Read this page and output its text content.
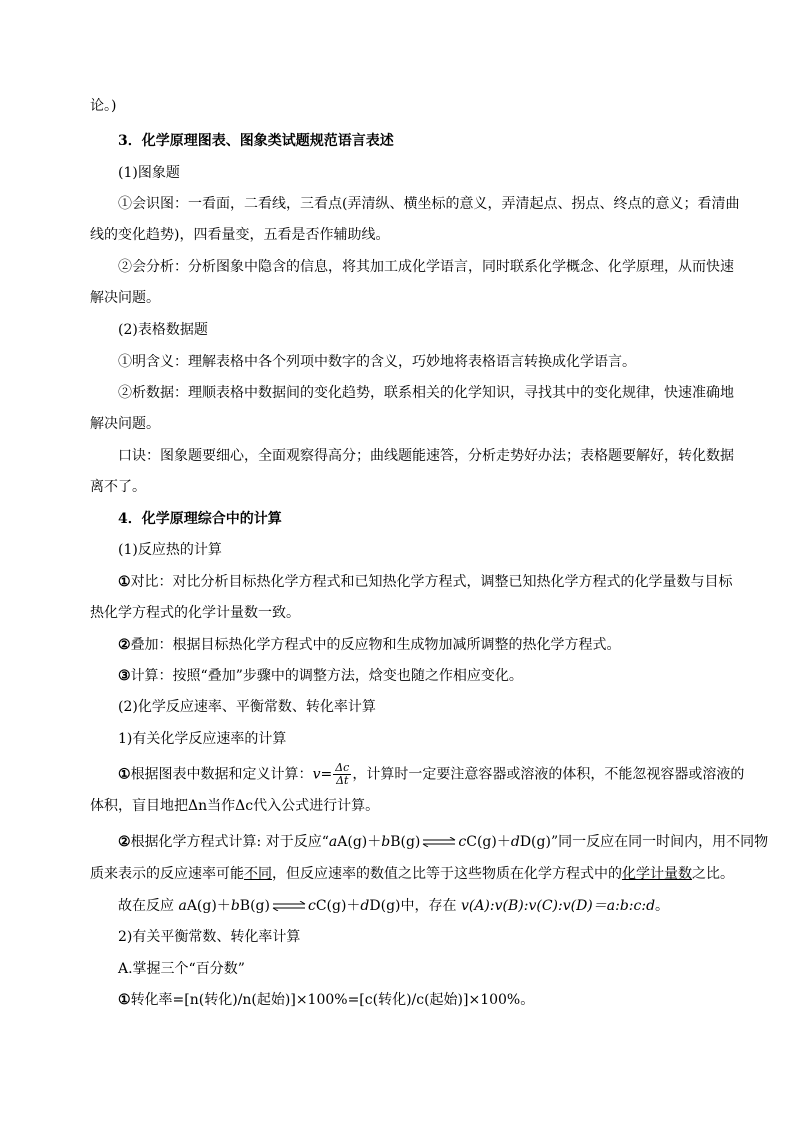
论。)
3．化学原理图表、图象类试题规范语言表述
(1)图象题
①会识图：一看面，二看线，三看点(弄清纵、横坐标的意义，弄清起点、拐点、终点的意义；看清曲
线的变化趋势)，四看量变，五看是否作辅助线。
②会分析：分析图象中隐含的信息，将其加工成化学语言，同时联系化学概念、化学原理，从而快速
解决问题。
(2)表格数据题
①明含义：理解表格中各个列项中数字的含义，巧妙地将表格语言转换成化学语言。
②析数据：理顺表格中数据间的变化趋势，联系相关的化学知识，寻找其中的变化规律，快速准确地
解决问题。
口诀：图象题要细心，全面观察得高分；曲线题能速答，分析走势好办法；表格题要解好，转化数据
离不了。
4．化学原理综合中的计算
(1)反应热的计算
①对比：对比分析目标热化学方程式和已知热化学方程式，调整已知热化学方程式的化学量数与目标
热化学方程式的化学计量数一致。
②叠加：根据目标热化学方程式中的反应物和生成物加减所调整的热化学方程式。
③计算：按照“叠加”步骤中的调整方法，焓变也随之作相应变化。
(2)化学反应速率、平衡常数、转化率计算
1)有关化学反应速率的计算
①根据图表中数据和定义计算：$v= \frac{\Delta c}{\Delta t}$ ，计算时一定要注意容器或溶液的体积，不能忽视容器或溶液的
体积，盲目地把Δn当作Δc代入公式进行计算。
②根据化学方程式计算: 对于反应“aA(g)＋bB(g) ⇌ cC(g)＋dD(g)”同一反应在同一时间内，用不同物
质来表示的反应速率可能不同，但反应速率的数值之比等于这些物质在化学方程式中的化学计量数之比。
故在反应 aA(g)＋bB(g) ⇌ cC(g)＋dD(g)中，存在 v(A):v(B):v(C):v(D)＝a:b:c:d。
2)有关平衡常数、转化率计算
A.掌握三个“百分数”
①转化率=[n(转化)/n(起始)]×100%=[c(转化)/c(起始)]×100%。
